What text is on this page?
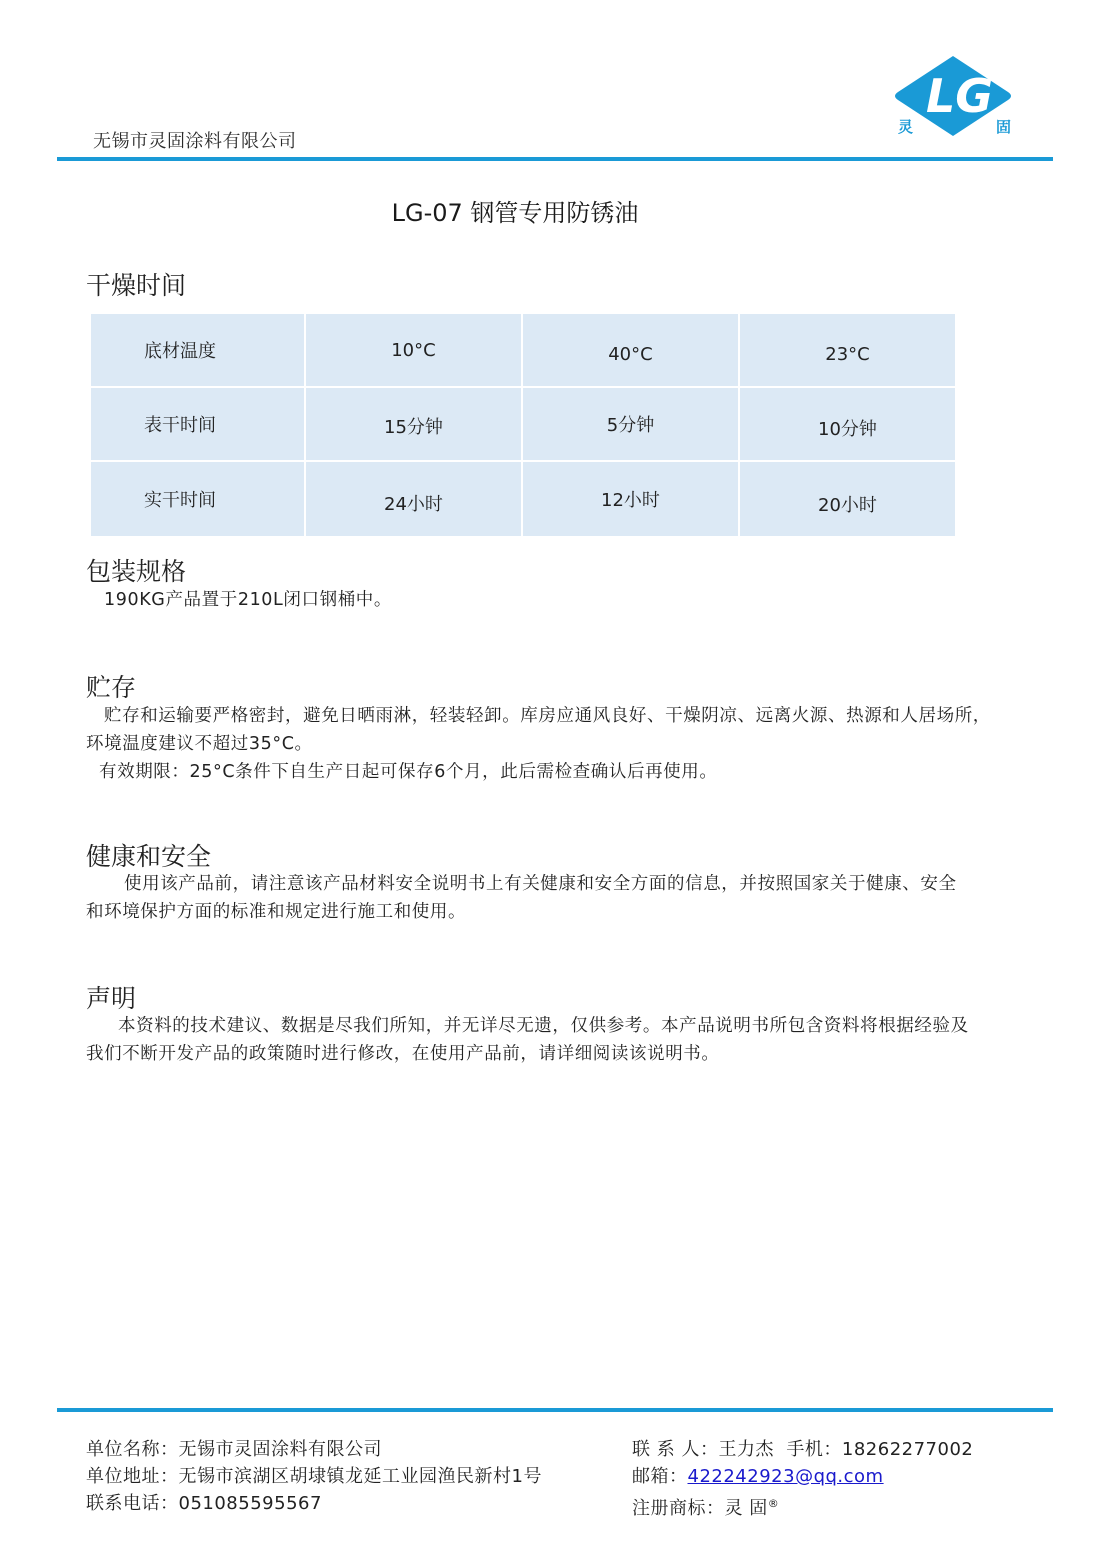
无锡市灵固涂料有限公司
LG
灵	固
LG-07 钢管专用防锈油
干燥时间
底材温度	10°C	40°C	23°C
表干时间	15分钟	5分钟	10分钟
实干时间	24小时	12小时	20小时
包装规格
190KG产品置于210L闭口钢桶中。
贮存
贮存和运输要严格密封，避免日晒雨淋，轻装轻卸。库房应通风良好、干燥阴凉、远离火源、热源和人居场所，
环境温度建议不超过35°C。
有效期限：25°C条件下自生产日起可保存6个月，此后需检查确认后再使用。
健康和安全
使用该产品前，请注意该产品材料安全说明书上有关健康和安全方面的信息，并按照国家关于健康、安全
和环境保护方面的标准和规定进行施工和使用。
声明
本资料的技术建议、数据是尽我们所知，并无详尽无遗，仅供参考。本产品说明书所包含资料将根据经验及
我们不断开发产品的政策随时进行修改，在使用产品前，请详细阅读该说明书。
单位名称：无锡市灵固涂料有限公司
单位地址：无锡市滨湖区胡埭镇龙延工业园渔民新村1号
联系电话：051085595567
联 系 人：王力杰  手机：18262277002
邮箱：422242923@qq.com
注册商标：灵 固®
